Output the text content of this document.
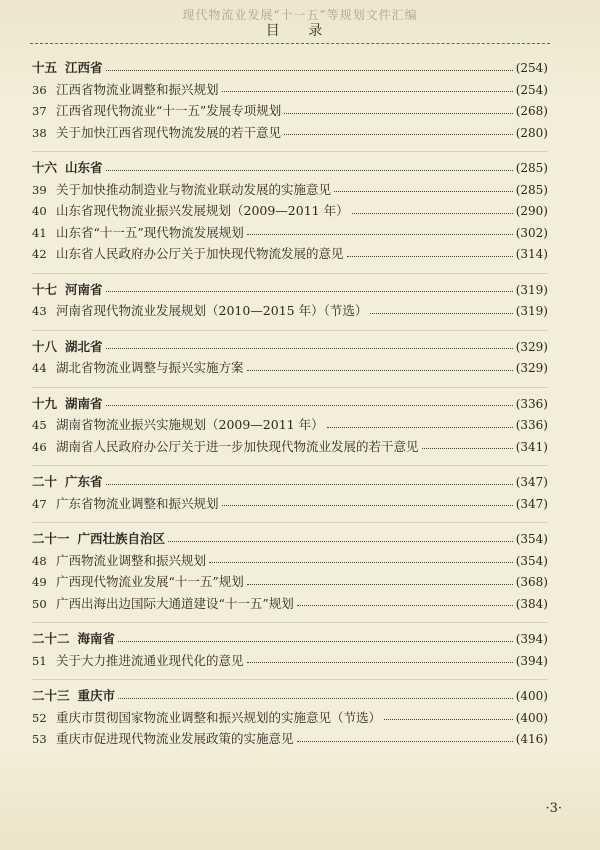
现代物流业发展“十一五”等规划文件汇编
目 录
十五 江西省	(254)
36 江西省物流业调整和振兴规划	(254)
37 江西省现代物流业“十一五”发展专项规划	(268)
38 关于加快江西省现代物流发展的若干意见	(280)
十六 山东省	(285)
39 关于加快推动制造业与物流业联动发展的实施意见	(285)
40 山东省现代物流业振兴发展规划（2009—2011 年）	(290)
41 山东省“十一五”现代物流发展规划	(302)
42 山东省人民政府办公厅关于加快现代物流发展的意见	(314)
十七 河南省	(319)
43 河南省现代物流业发展规划（2010—2015 年）（节选）	(319)
十八 湖北省	(329)
44 湖北省物流业调整与振兴实施方案	(329)
十九 湖南省	(336)
45 湖南省物流业振兴实施规划（2009—2011 年）	(336)
46 湖南省人民政府办公厅关于进一步加快现代物流业发展的若干意见	(341)
二十 广东省	(347)
47 广东省物流业调整和振兴规划	(347)
二十一 广西壮族自治区	(354)
48 广西物流业调整和振兴规划	(354)
49 广西现代物流业发展“十一五”规划	(368)
50 广西出海出边国际大通道建设“十一五”规划	(384)
二十二 海南省	(394)
51 关于大力推进流通业现代化的意见	(394)
二十三 重庆市	(400)
52 重庆市贯彻国家物流业调整和振兴规划的实施意见（节选）	(400)
53 重庆市促进现代物流业发展政策的实施意见	(416)
·3·
